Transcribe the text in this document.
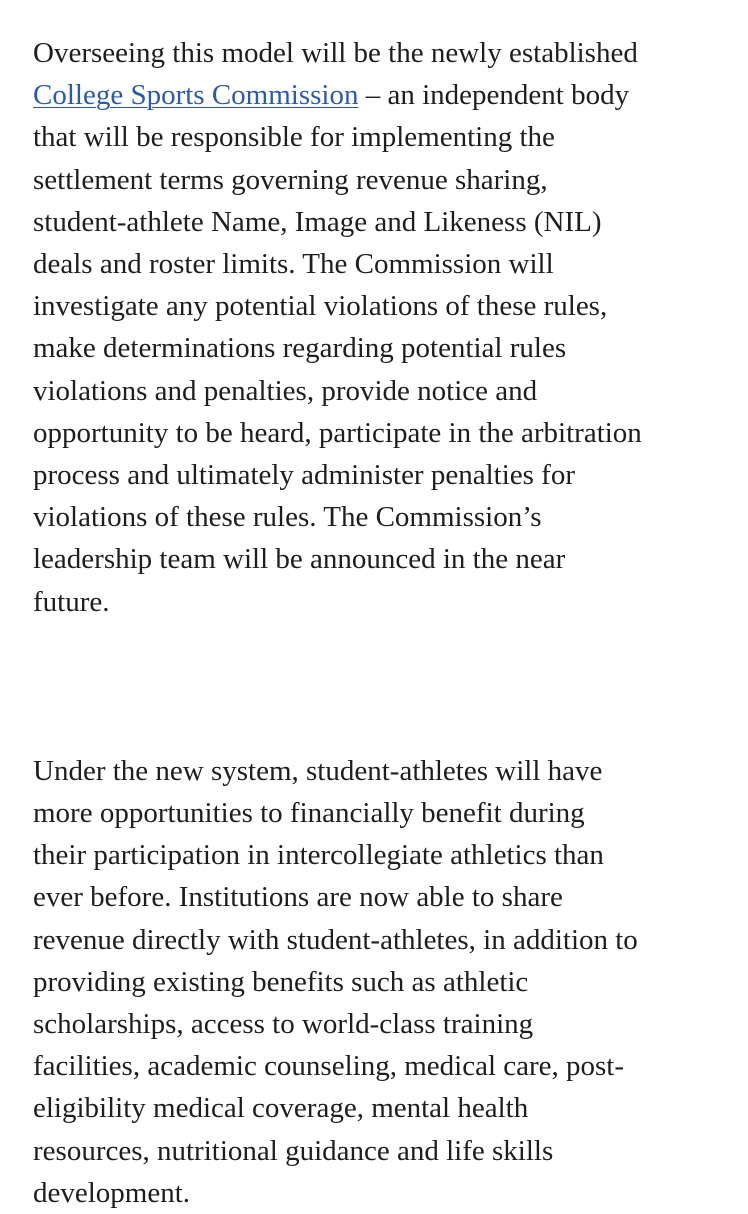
Overseeing this model will be the newly established
College Sports Commission – an independent body
that will be responsible for implementing the
settlement terms governing revenue sharing,
student-athlete Name, Image and Likeness (NIL)
deals and roster limits. The Commission will
investigate any potential violations of these rules,
make determinations regarding potential rules
violations and penalties, provide notice and
opportunity to be heard, participate in the arbitration
process and ultimately administer penalties for
violations of these rules. The Commission’s
leadership team will be announced in the near
future.
Under the new system, student-athletes will have
more opportunities to financially benefit during
their participation in intercollegiate athletics than
ever before. Institutions are now able to share
revenue directly with student-athletes, in addition to
providing existing benefits such as athletic
scholarships, access to world-class training
facilities, academic counseling, medical care, post-
eligibility medical coverage, mental health
resources, nutritional guidance and life skills
development.
